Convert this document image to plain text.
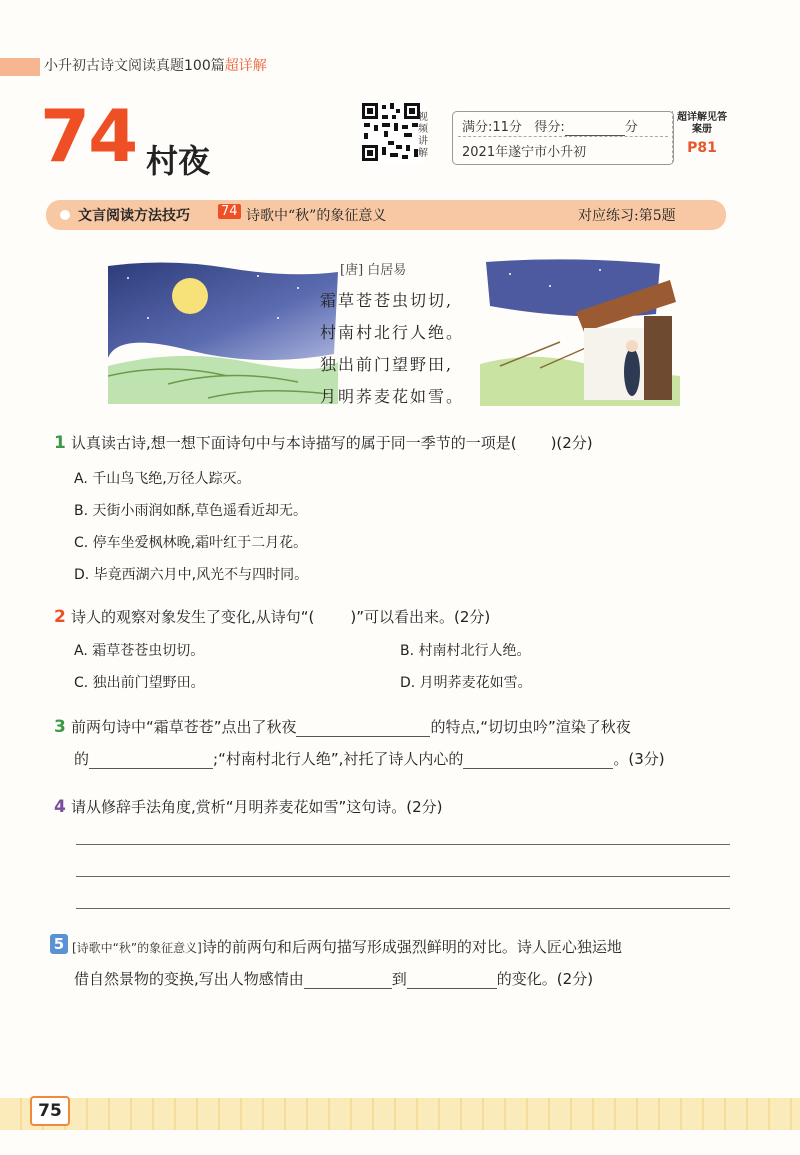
小升初古诗文阅读真题100篇超详解
74 村夜
视频讲解
满分:11分 得分:	分
2021年遂宁市小升初
超详解见答案册
P81
文言阅读方法技巧 74 诗歌中“秋”的象征意义	对应练习:第5题
[唐] 白居易
霜草苍苍虫切切,
村南村北行人绝。
独出前门望野田,
月明荞麦花如雪。
1 认真读古诗,想一想下面诗句中与本诗描写的属于同一季节的一项是( )(2分)
A. 千山鸟飞绝,万径人踪灭。
B. 天街小雨润如酥,草色遥看近却无。
C. 停车坐爱枫林晚,霜叶红于二月花。
D. 毕竟西湖六月中,风光不与四时同。
2 诗人的观察对象发生了变化,从诗句“( )”可以看出来。(2分)
A. 霜草苍苍虫切切。	B. 村南村北行人绝。
C. 独出前门望野田。	D. 月明荞麦花如雪。
3 前两句诗中“霜草苍苍”点出了秋夜	的特点,“切切虫吟”渲染了秋夜
的	;“村南村北行人绝”,衬托了诗人内心的	。(3分)
4 请从修辞手法角度,赏析“月明荞麦花如雪”这句诗。(2分)
5 [诗歌中“秋”的象征意义]诗的前两句和后两句描写形成强烈鲜明的对比。诗人匠心独运地
借自然景物的变换,写出人物感情由	到	的变化。(2分)
75
